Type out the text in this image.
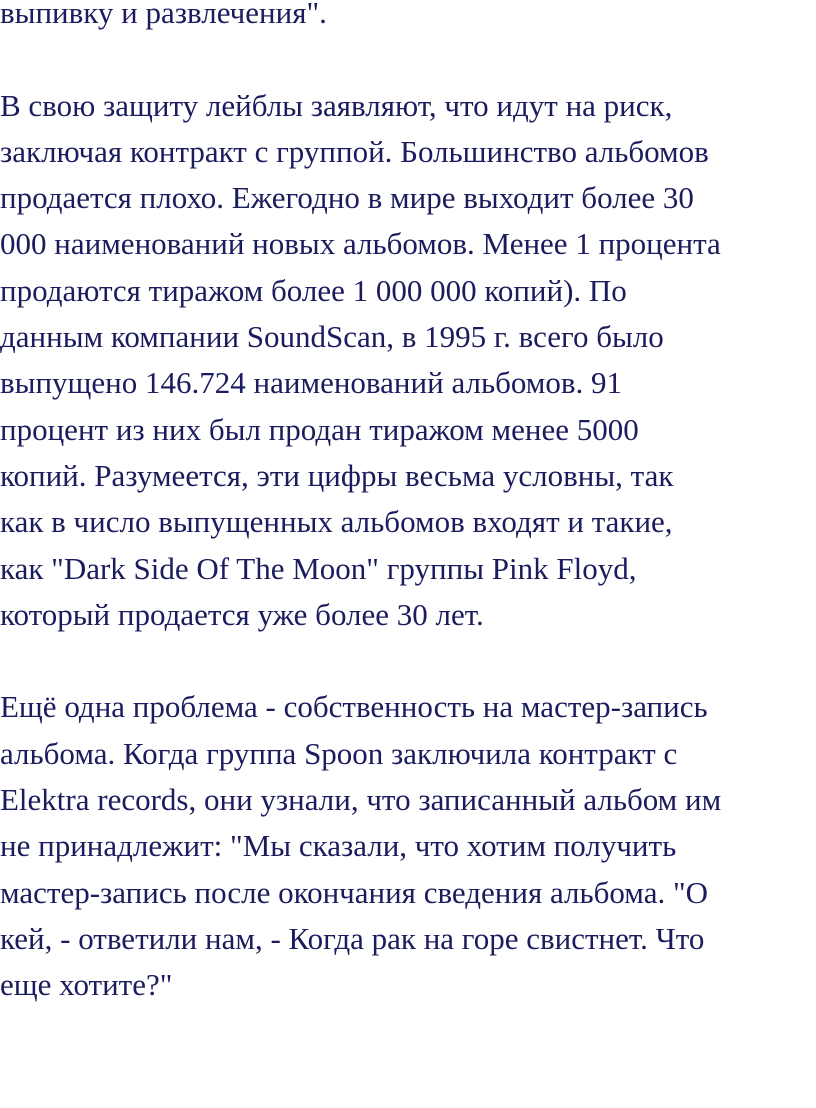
выпивку и развлечения".
В свою защиту лейблы заявляют, что идут на риск,
заключая контракт с группой. Большинство альбомов
продается плохо. Ежегодно в мире выходит более 30
000 наименований новых альбомов. Менее 1 процента
продаются тиражом более 1 000 000 копий). По
данным компании SoundScan, в 1995 г. всего было
выпущено 146.724 наименований альбомов. 91
процент из них был продан тиражом менее 5000
копий. Разумеется, эти цифры весьма условны, так
как в число выпущенных альбомов входят и такие,
как "Dark Side Of The Moon" группы Pink Floyd,
который продается уже более 30 лет.
Ещё одна проблема - собственность на мастер-запись
альбома. Когда группа Spoon заключила контракт с
Elektra records, они узнали, что записанный альбом им
не принадлежит: "Мы сказали, что хотим получить
мастер-запись после окончания сведения альбома. "О
кей, - ответили нам, - Когда рак на горе свистнет. Что
еще хотите?"
